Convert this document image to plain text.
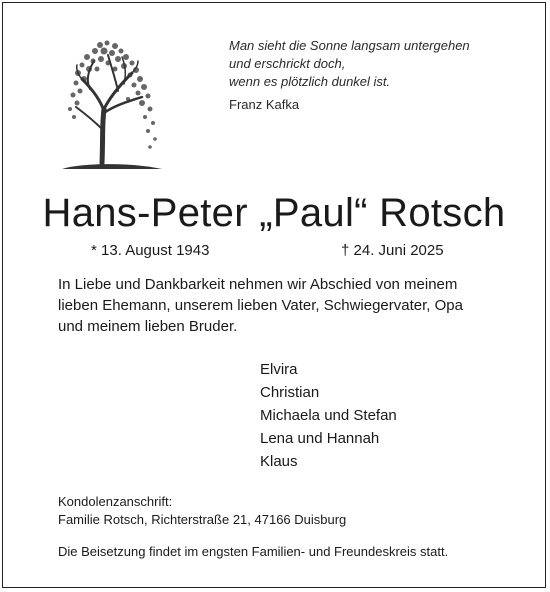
Man sieht die Sonne langsam untergehen
und erschrickt doch,
wenn es plötzlich dunkel ist.
Franz Kafka
Hans-Peter „Paul“ Rotsch
* 13. August 1943	† 24. Juni 2025
In Liebe und Dankbarkeit nehmen wir Abschied von meinem
lieben Ehemann, unserem lieben Vater, Schwiegervater, Opa
und meinem lieben Bruder.
Elvira
Christian
Michaela und Stefan
Lena und Hannah
Klaus
Kondolenzanschrift:
Familie Rotsch, Richterstraße 21, 47166 Duisburg
Die Beisetzung findet im engsten Familien- und Freundeskreis statt.
